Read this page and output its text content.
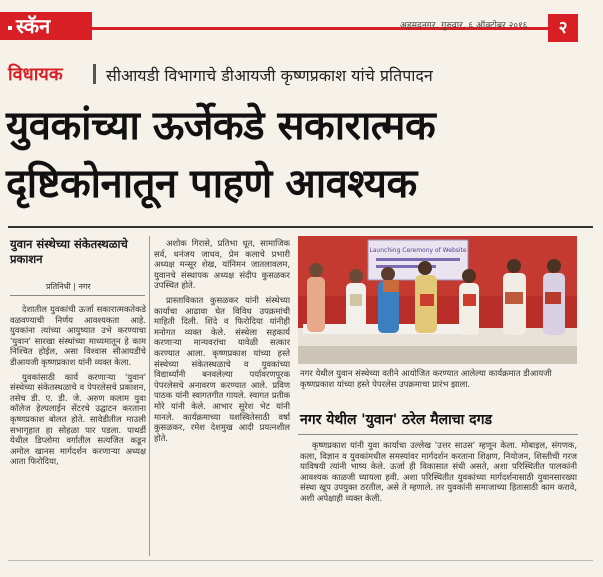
स्कॅन	अहमदनगर, गुरुवार, ६ ऑक्टोबर २०१६	२
विधायक	सीआयडी विभागाचे डीआयजी कृष्णप्रकाश यांचे प्रतिपादन
युवकांच्या ऊर्जेकडे सकारात्मक
दृष्टिकोनातून पाहणे आवश्यक
युवान संस्थेच्या संकेतस्थळाचे प्रकाशन
प्रतिनिधी | नगर

देशातील युवकांची ऊर्जा सकारात्मकतेकडे वळवण्याची निर्णय आवश्यकता आहे. युवकांना त्यांच्या आयुष्यात उभे करण्याचा 'युवान' सारखा संस्थांच्या माध्यमातून हे काम निश्चित होईल, असा विश्वास सीआयडीचे डीआयजी कृष्णप्रकाश यांनी व्यक्त केला.

युवकांसाठी कार्य करणाऱ्या 'युवान' संस्थेच्या संकेतस्थळाचे व पेपरलेसचे प्रकाशन, तसेच डी. ए. डी. जे. अरुण कलाम युवा कॉलेज हेल्पलाईन सेंटरचे उद्घाटन करताना कृष्णप्रकाश बोलत होते. सावेडीतील माउली सभागृहात हा सोहळा पार पडला. पाथर्डी येथील डिप्लोमा वर्गातील सत्यजित कडून अमोल खानस मार्गदर्शन करणाऱ्या अध्यक्ष आता फिरोदिया,

अशोक गिरासे, प्रतिभा धूत, सामाजिक सर्व, धनंजय जाधव, प्रेम कलाचे प्रभारी अध्यक्ष मन्सूर शेख, यांनिमन जातलावलम, युवानचे संस्थापक अध्यक्ष संदीप कुसळकर उपस्थित होते.

प्रास्ताविकात कुसळकर यांनी संस्थेच्या कार्याचा आढावा घेत विविध उपक्रमांची माहिती दिली. शिंदे व फिरोदिया यांनीही मनोगत व्यक्त केले. संस्थेला सहकार्य करणाऱ्या मान्यवरांचा यावेळी सत्कार करण्यात आला. कृष्णप्रकाश यांच्या हस्ते संस्थेच्या संकेतस्थळाचे व युवकांच्या विद्यार्थ्यांनी बनवलेल्या पर्यावरणपूरक पेपरलेसचे अनावरण करण्यात आले. प्रविण पाठक यांनी स्वागतगीत गायले. स्वागत प्रतीक मोरे यांनी केले. आभार सुरेश भेट यांनी मानले. कार्यक्रमाच्या यशस्वितेसाठी वर्षा कुसळकर, रमेश देशमुख आदी प्रयत्नशील होते.

Launching Ceremony of Website
नगर येथील युवान संस्थेच्या वतीने आयोजित करण्यात आलेल्या कार्यक्रमात डीआयजी कृष्णप्रकाश यांच्या हस्ते पेपरलेस उपक्रमाचा प्रारंभ झाला.
नगर येथील 'युवान' ठरेल मैलाचा दगड

कृष्णप्रकाश यांनी युवा कार्याचा उल्लेख 'उत्तर साउस' म्हणून केला. मोबाइल, संगणक, कला, विज्ञान व युवकांमधील समस्यांवर मार्गदर्शन करताना शिक्षण, नियोजन, शिस्तीची गरज याविषयी त्यांनी भाष्य केले. ऊर्जा ही विकासात संधी असते, अशा परिस्थितीत पालकांनी आवश्यक काळजी घ्यायला हवी. अशा परिस्थितीत युवकांच्या मार्गदर्शनासाठी युवानसारख्या संस्था खूप उपयुक्त ठरतील, असे ते म्हणाले. तर युवकांनी समाजाच्या हितासाठी काम करावे, अशी अपेक्षाही व्यक्त केली.
